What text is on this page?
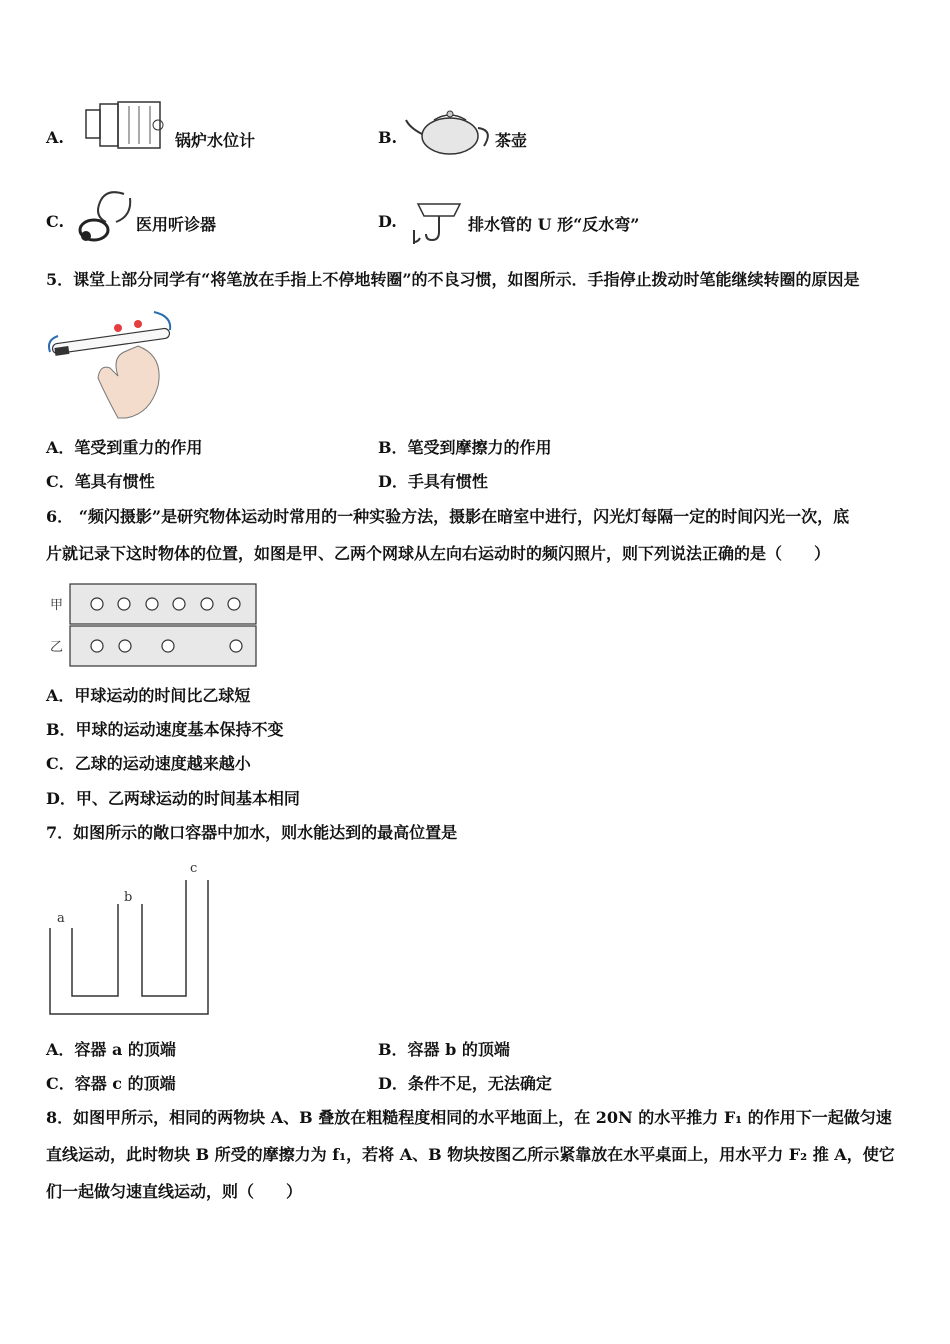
A.	锅炉水位计	B.	茶壶
C.	医用听诊器	D.	排水管的 U 形“反水弯”
5．课堂上部分同学有“将笔放在手指上不停地转圈”的不良习惯，如图所示．手指停止拨动时笔能继续转圈的原因是
A．笔受到重力的作用	B．笔受到摩擦力的作用
C．笔具有惯性	D．手具有惯性
6． “频闪摄影”是研究物体运动时常用的一种实验方法，摄影在暗室中进行，闪光灯每隔一定的时间闪光一次，底
片就记录下这时物体的位置，如图是甲、乙两个网球从左向右运动时的频闪照片，则下列说法正确的是（　　）
甲
乙
A．甲球运动的时间比乙球短
B．甲球的运动速度基本保持不变
C．乙球的运动速度越来越小
D．甲、乙两球运动的时间基本相同
7．如图所示的敞口容器中加水，则水能达到的最高位置是
a
b
c
A．容器 a 的顶端	B．容器 b 的顶端
C．容器 c 的顶端	D．条件不足，无法确定
8．如图甲所示，相同的两物块 A、B 叠放在粗糙程度相同的水平地面上，在 20N 的水平推力 F₁ 的作用下一起做匀速
直线运动，此时物块 B 所受的摩擦力为 f₁，若将 A、B 物块按图乙所示紧靠放在水平桌面上，用水平力 F₂ 推 A，使它
们一起做匀速直线运动，则（　　）
